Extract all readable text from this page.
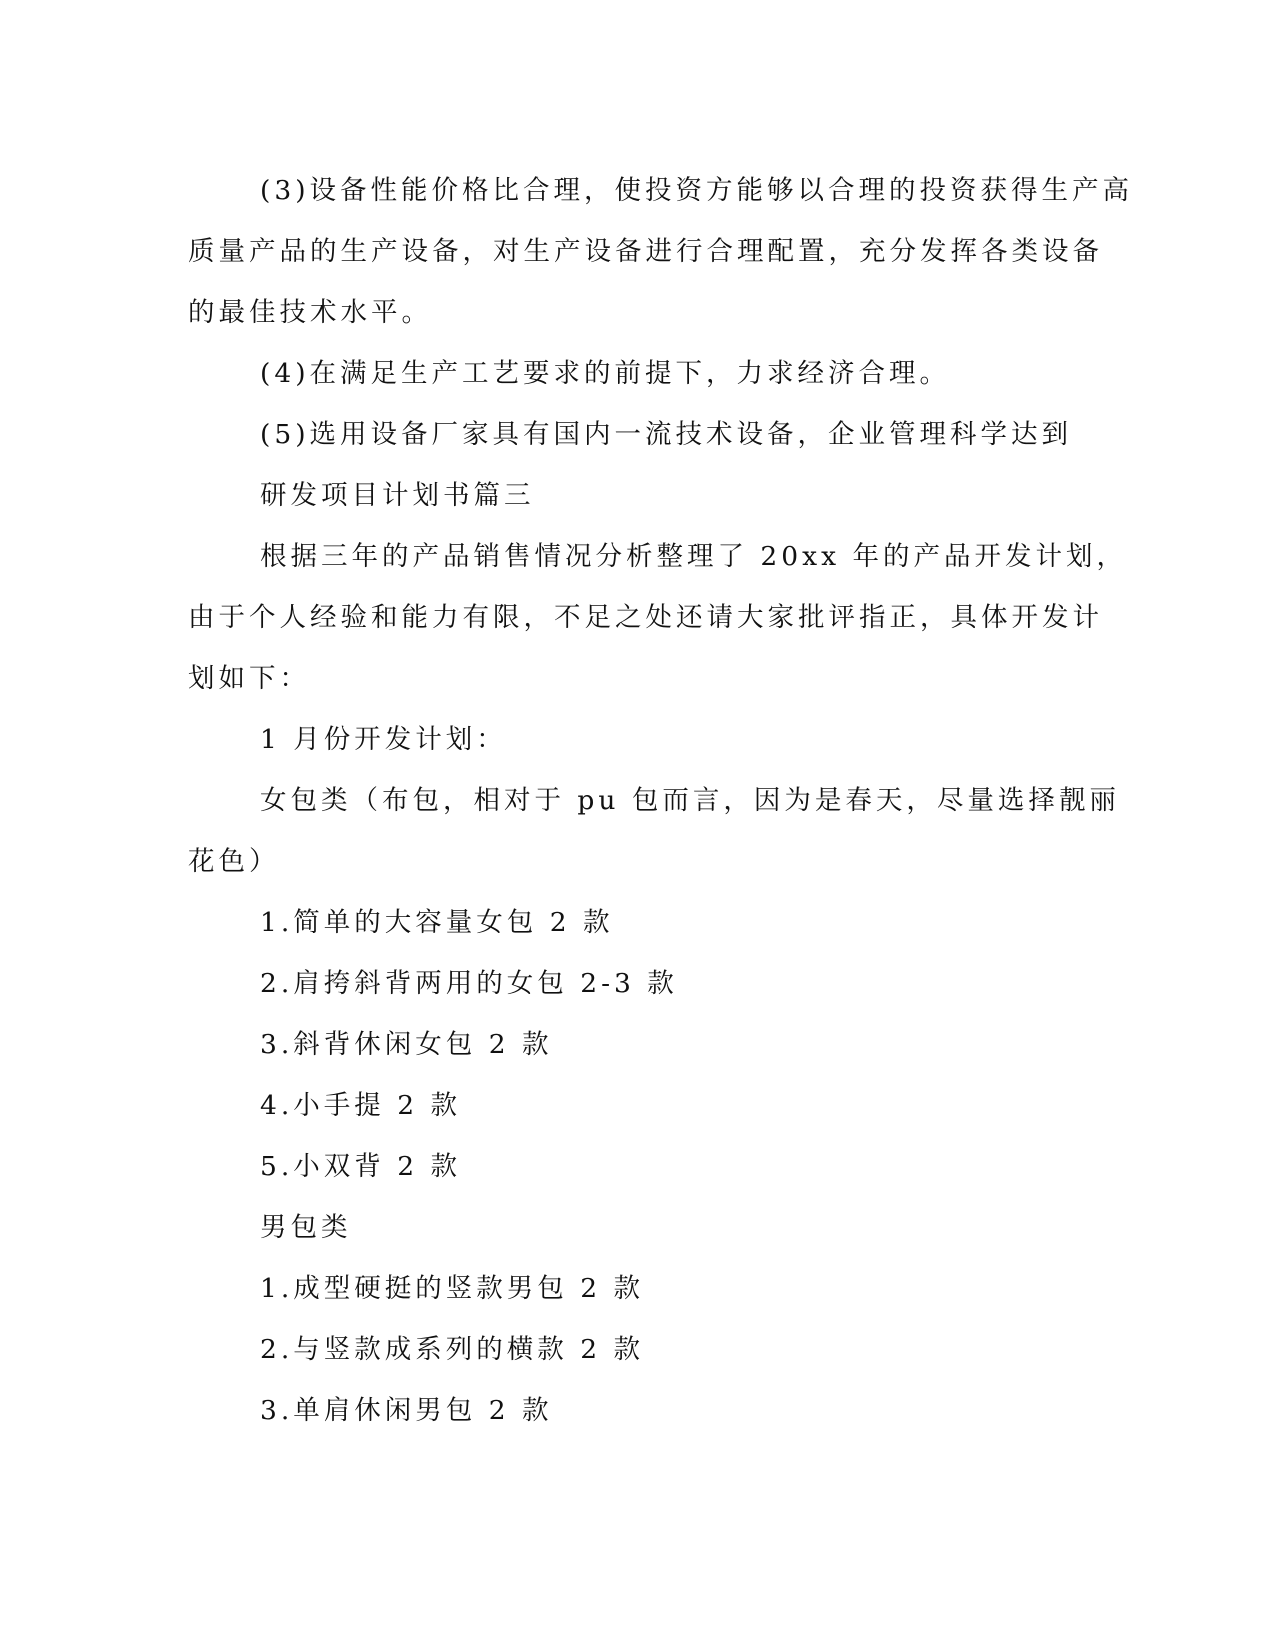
(3)设备性能价格比合理，使投资方能够以合理的投资获得生产高
质量产品的生产设备，对生产设备进行合理配置，充分发挥各类设备
的最佳技术水平。
(4)在满足生产工艺要求的前提下，力求经济合理。
(5)选用设备厂家具有国内一流技术设备，企业管理科学达到
研发项目计划书篇三
根据三年的产品销售情况分析整理了 20xx 年的产品开发计划，
由于个人经验和能力有限，不足之处还请大家批评指正，具体开发计
划如下：
1 月份开发计划：
女包类（布包，相对于 pu 包而言，因为是春天，尽量选择靓丽
花色）
1.简单的大容量女包 2 款
2.肩挎斜背两用的女包 2-3 款
3.斜背休闲女包 2 款
4.小手提 2 款
5.小双背 2 款
男包类
1.成型硬挺的竖款男包 2 款
2.与竖款成系列的横款 2 款
3.单肩休闲男包 2 款
